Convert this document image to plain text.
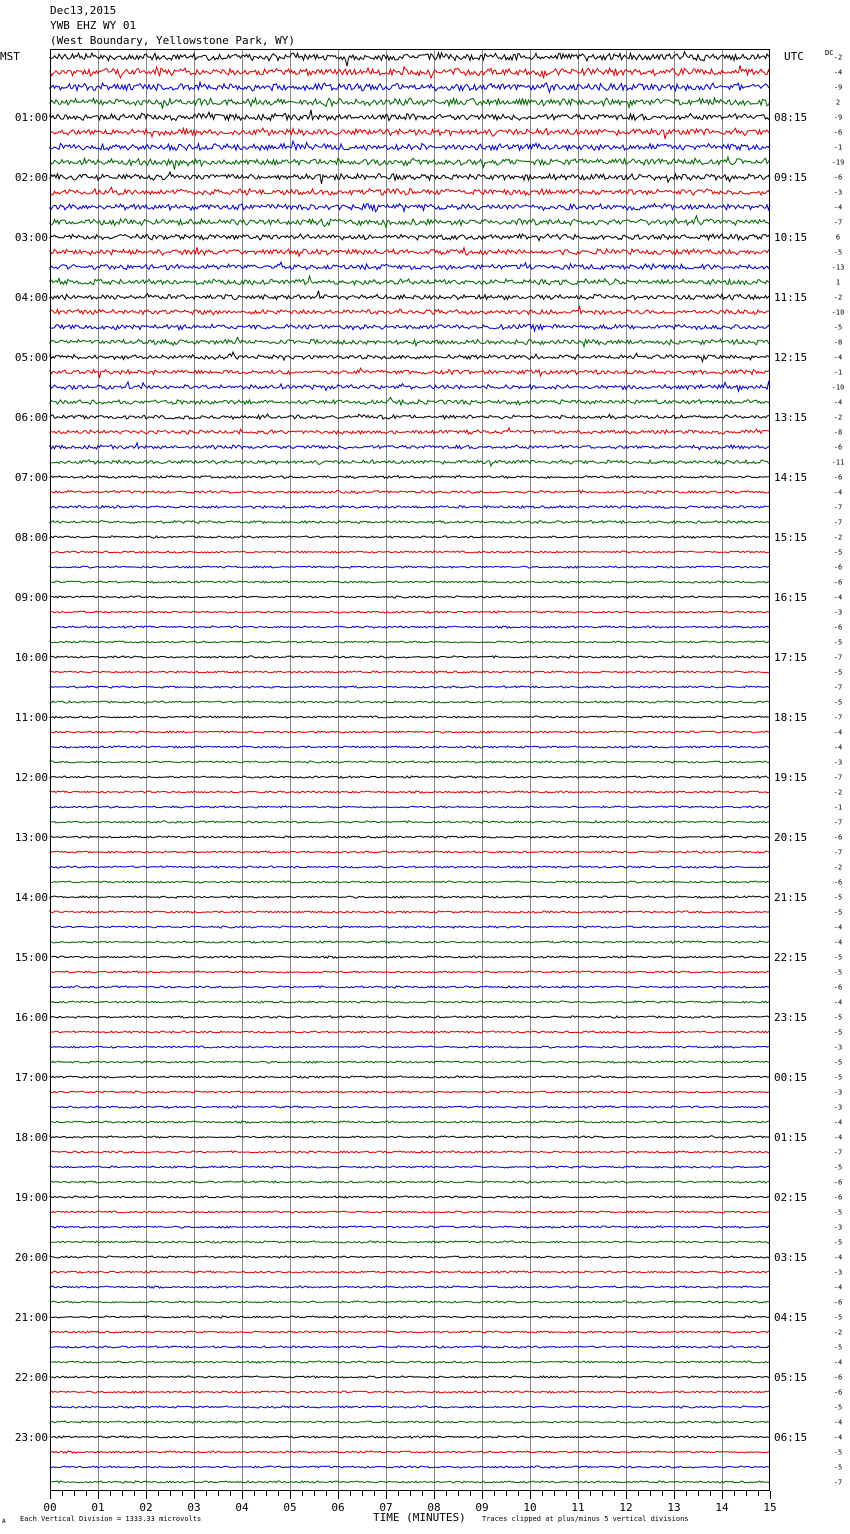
Dec13,2015
YWB EHZ WY 01
(West Boundary, Yellowstone Park, WY)
MST	UTC	DC
-2
-4
-9
2
-9
-6
-1
-19
-6
-3
-4
-7
6
-5
-13
1
-2
-10
-5
-8
-4
-1
-10
-4
-2
-8
-6
-11
-6
-4
-7
-7
-2
-5
-6
-6
-4
-3
-6
-5
-7
-5
-7
-5
-7
-4
-4
-3
-7
-2
-1
-7
-6
-7
-2
-6
-5
-5
-4
-4
-5
-5
-6
-4
-5
-5
-3
-5
-5
-3
-3
-4
-4
-7
-5
-6
-6
-5
-3
-5
-4
-3
-4
-6
-5
-2
-5
-4
-6
-6
-5
-4
-4
-5
-5
-7
01:00
02:00
03:00
04:00
05:00
06:00
07:00
08:00
09:00
10:00
11:00
12:00
13:00
14:00
15:00
16:00
17:00
18:00
19:00
20:00
21:00
22:00
23:00
08:15
09:15
10:15
11:15
12:15
13:15
14:15
15:15
16:15
17:15
18:15
19:15
20:15
21:15
22:15
23:15
00:15
01:15
02:15
03:15
04:15
05:15
06:15
00	01	02	03	04	05	06	07	08	09	10	11	12	13	14	15
TIME (MINUTES)
Each Vertical Division = 1333.33 microvolts	Traces clipped at plus/minus 5 vertical divisions
A
